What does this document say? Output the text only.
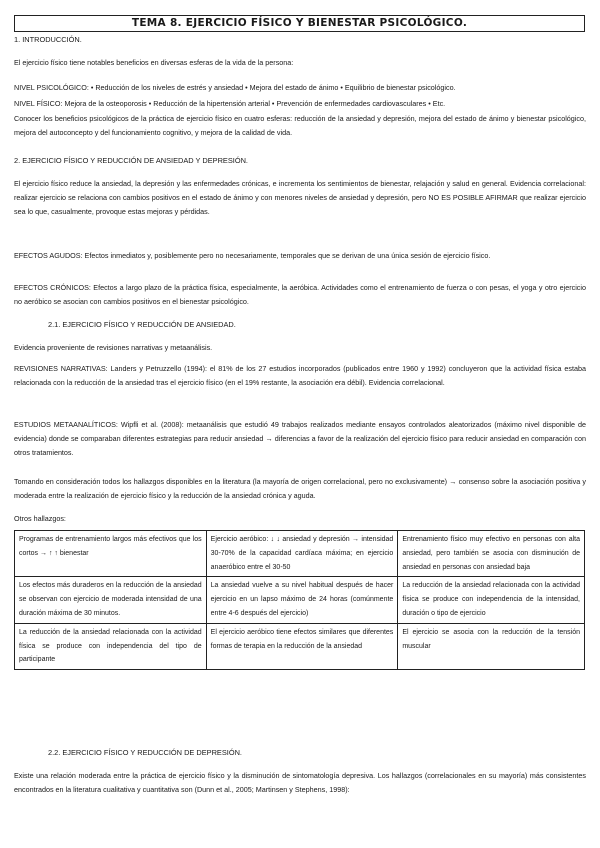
TEMA 8. EJERCICIO FÍSICO Y BIENESTAR PSICOLÓGICO.
1. INTRODUCCIÓN.
El ejercicio físico tiene notables beneficios en diversas esferas de la vida de la persona:
NIVEL PSICOLÓGICO: • Reducción de los niveles de estrés y ansiedad • Mejora del estado de ánimo • Equilibrio de bienestar psicológico.
NIVEL FÍSICO: Mejora de la osteoporosis • Reducción de la hipertensión arterial • Prevención de enfermedades cardiovasculares • Etc.
Conocer los beneficios psicológicos de la práctica de ejercicio físico en cuatro esferas: reducción de la ansiedad y depresión, mejora del estado de ánimo y bienestar psicológico, mejora del autoconcepto y del funcionamiento cognitivo, y mejora de la calidad de vida.
2. EJERCICIO FÍSICO Y REDUCCIÓN DE ANSIEDAD Y DEPRESIÓN.
El ejercicio físico reduce la ansiedad, la depresión y las enfermedades crónicas, e incrementa los sentimientos de bienestar, relajación y salud en general. Evidencia correlacional: realizar ejercicio se relaciona con cambios positivos en el estado de ánimo y con menores niveles de ansiedad y depresión, pero NO ES POSIBLE AFIRMAR que realizar ejercicio sea lo que, casualmente, provoque estas mejoras y pérdidas.
EFECTOS AGUDOS: Efectos inmediatos y, posiblemente pero no necesariamente, temporales que se derivan de una única sesión de ejercicio físico.
EFECTOS CRÓNICOS: Efectos a largo plazo de la práctica física, especialmente, la aeróbica. Actividades como el entrenamiento de fuerza o con pesas, el yoga y otro ejercicio no aeróbico se asocian con cambios positivos en el bienestar psicológico.
2.1. EJERCICIO FÍSICO Y REDUCCIÓN DE ANSIEDAD.
Evidencia proveniente de revisiones narrativas y metaanálisis.
REVISIONES NARRATIVAS: Landers y Petruzzello (1994): el 81% de los 27 estudios incorporados (publicados entre 1960 y 1992) concluyeron que la actividad física estaba relacionada con la reducción de la ansiedad tras el ejercicio físico (en el 19% restante, la asociación era débil). Evidencia correlacional.
ESTUDIOS METAANALÍTICOS: Wipfli et al. (2008): metaanálisis que estudió 49 trabajos realizados mediante ensayos controlados aleatorizados (máximo nivel disponible de evidencia) donde se comparaban diferentes estrategias para reducir ansiedad → diferencias a favor de la realización del ejercicio físico para reducir ansiedad en comparación con otros tratamientos.
Tomando en consideración todos los hallazgos disponibles en la literatura (la mayoría de origen correlacional, pero no exclusivamente) → consenso sobre la asociación positiva y moderada entre la realización de ejercicio físico y la reducción de la ansiedad crónica y aguda.
Otros hallazgos:
Programas de entrenamiento largos más efectivos que los cortos → ↑ ↑ bienestar	Ejercicio aeróbico: ↓ ↓ ansiedad y depresión → intensidad 30-70% de la capacidad cardíaca máxima; en ejercicio anaeróbico entre el 30-50	Entrenamiento físico muy efectivo en personas con alta ansiedad, pero también se asocia con disminución de ansiedad en personas con ansiedad baja
Los efectos más duraderos en la reducción de la ansiedad se observan con ejercicio de moderada intensidad de una duración máxima de 30 minutos.	La ansiedad vuelve a su nivel habitual después de hacer ejercicio en un lapso máximo de 24 horas (comúnmente entre 4-6 después del ejercicio)	La reducción de la ansiedad relacionada con la actividad física se produce con independencia de la intensidad, duración o tipo de ejercicio
La reducción de la ansiedad relacionada con la actividad física se produce con independencia del tipo de participante	El ejercicio aeróbico tiene efectos similares que diferentes formas de terapia en la reducción de la ansiedad	El ejercicio se asocia con la reducción de la tensión muscular
2.2. EJERCICIO FÍSICO Y REDUCCIÓN DE DEPRESIÓN.
Existe una relación moderada entre la práctica de ejercicio físico y la disminución de sintomatología depresiva. Los hallazgos (correlacionales en su mayoría) más consistentes encontrados en la literatura cualitativa y cuantitativa son (Dunn et al., 2005; Martinsen y Stephens, 1998):
